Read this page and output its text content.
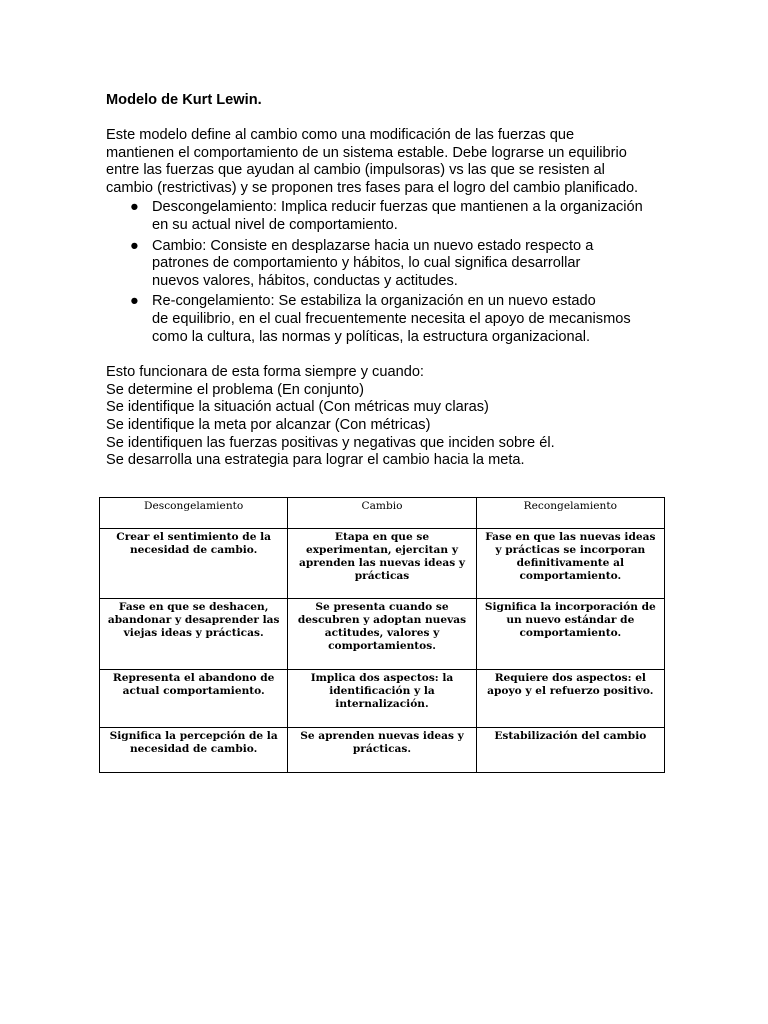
Modelo de Kurt Lewin.

Este modelo define al cambio como una modificación de las fuerzas que
mantienen el comportamiento de un sistema estable. Debe lograrse un equilibrio
entre las fuerzas que ayudan al cambio (impulsoras) vs las que se resisten al
cambio (restrictivas) y se proponen tres fases para el logro del cambio planificado.

● Descongelamiento: Implica reducir fuerzas que mantienen a la organización
en su actual nivel de comportamiento.
● Cambio: Consiste en desplazarse hacia un nuevo estado respecto a
patrones de comportamiento y hábitos, lo cual significa desarrollar
nuevos valores, hábitos, conductas y actitudes.
● Re-congelamiento: Se estabiliza la organización en un nuevo estado
de equilibrio, en el cual frecuentemente necesita el apoyo de mecanismos
como la cultura, las normas y políticas, la estructura organizacional.

Esto funcionara de esta forma siempre y cuando:
Se determine el problema (En conjunto)
Se identifique la situación actual (Con métricas muy claras)
Se identifique la meta por alcanzar (Con métricas)
Se identifiquen las fuerzas positivas y negativas que inciden sobre él.
Se desarrolla una estrategia para lograr el cambio hacia la meta.

Descongelamiento	Cambio	Recongelamiento
Crear el sentimiento de la necesidad de cambio.	Etapa en que se experimentan, ejercitan y aprenden las nuevas ideas y prácticas	Fase en que las nuevas ideas y prácticas se incorporan definitivamente al comportamiento.
Fase en que se deshacen, abandonar y desaprender las viejas ideas y prácticas.	Se presenta cuando se descubren y adoptan nuevas actitudes, valores y comportamientos.	Significa la incorporación de un nuevo estándar de comportamiento.
Representa el abandono de actual comportamiento.	Implica dos aspectos: la identificación y la internalización.	Requiere dos aspectos: el apoyo y el refuerzo positivo.
Significa la percepción de la necesidad de cambio.	Se aprenden nuevas ideas y prácticas.	Estabilización del cambio
